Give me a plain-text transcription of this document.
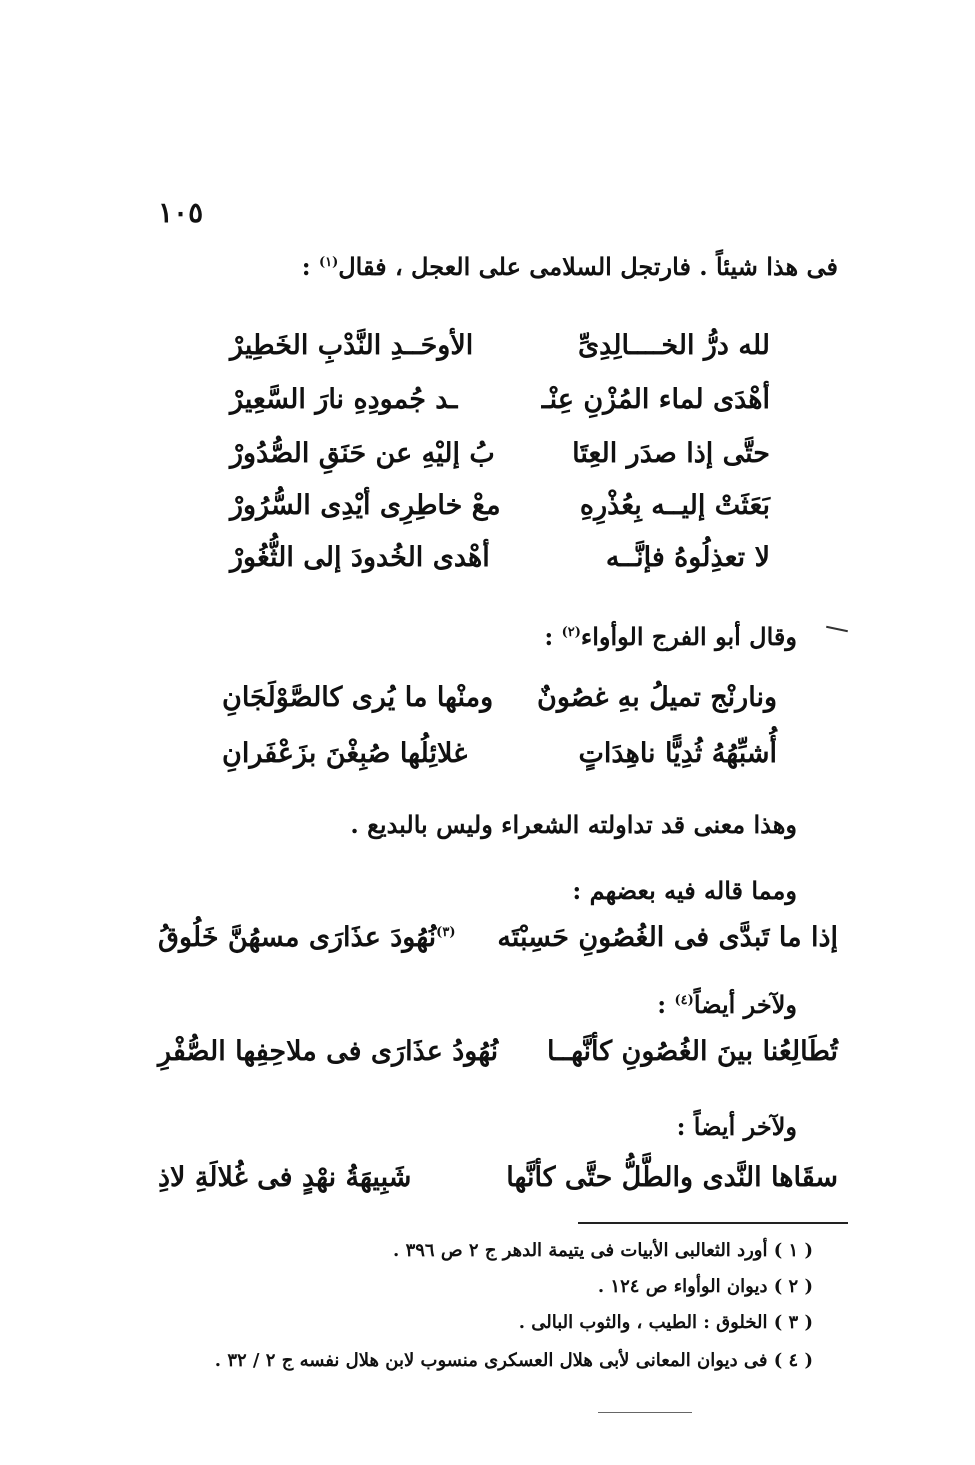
١٠٥
فى هذا شيئاً . فارتجل السلامى على العجل ، فقال$^{(١)}$ :
لله درُّ الخــــالِدِىِّ
الأوحَــدِ النَّدْبِ الخَطِيرْ
أهْدَى لماء المُزْنِ عِنْـ
ـد جُمودِهِ نارَ السَّعِيرْ
حتَّى إذا صدَر العِتَا
بُ إليْهِ عن حَنَقِ الصُّدُورْ
بَعَثَتْ إليــه بِعُذْرِهِ
معْ خاطِرِى أيْدِى السُّرُورْ
لا تعذِلُوهُ فإنَّــه
أهْدى الخُدودَ إلى الثُّغُورْ
وقال أبو الفرج الوأواء$^{(٢)}$ :
ونارنْج تميلُ بهِ غصُونٌ
ومنْها ما يُرى كالصَّوْلَجَانِ
أُشبِّهُهُ ثُدِيًّا ناهِدَاتٍ
غلائِلُها صُبِغْنَ بزَعْفَرانِ
وهذا معنى قد تداولته الشعراء وليس بالبديع .
ومما قاله فيه بعضهم :
إذا ما تَبدَّى فى الغُصُونِ حَسِبْتَه
$^{(٣)}$نُهُودَ عذَارَى مسهُنَّ خَلُوقُ
ولآخر أيضاً$^{(٤)}$ :
تُطَالِعُنا بينَ الغُصُونِ كأنَّهــا
نُهُودُ عذَارَى فى ملاحِفِها الصُّفْرِ
ولآخر أيضاً :
سقَاها النَّدى والطَّلُّ حتَّى كأنَّها
شَبِيهَةُ نهْدٍ فى غُلالَةِ لاذِ
( ١ ) أورد الثعالبى الأبيات فى يتيمة الدهر ج ٢ ص ٣٩٦ .
( ٢ ) ديوان الوأواء ص ١٢٤ .
( ٣ ) الخلوق : الطيب ، والثوب البالى .
( ٤ ) فى ديوان المعانى لأبى هلال العسكرى منسوب لابن هلال نفسه ج ٢ / ٣٢ .
